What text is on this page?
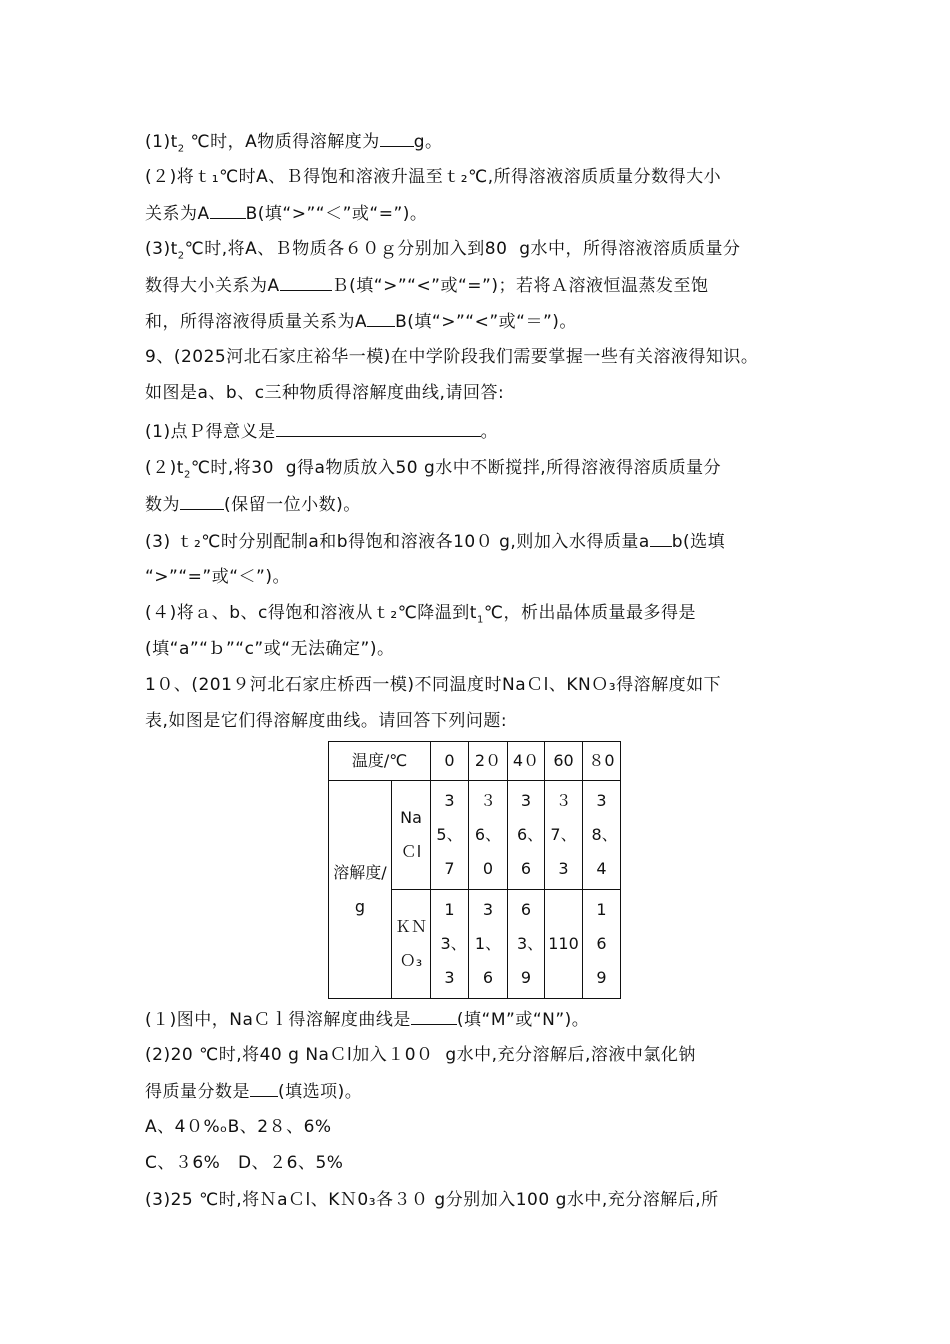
$(1)t_2$ ℃时，A物质得溶解度为 g。
(２)将ｔ₁℃时A、Ｂ得饱和溶液升温至ｔ₂℃,所得溶液溶质质量分数得大小
关系为A B(填“>”“＜”或“=”)。
$(3)t_2℃$时,将A、Ｂ物质各６０ｇ分别加入到80  g水中，所得溶液溶质质量分
数得大小关系为A	Ｂ(填“>”“<”或“=”)；若将Ａ溶液恒温蒸发至饱
和，所得溶液得质量关系为A B(填“>”“<”或“＝”)。
9、(2025河北石家庄裕华一模)在中学阶段我们需要掌握一些有关溶液得知识。
如图是a、b、c三种物质得溶解度曲线,请回答:
(1)点Ｐ得意义是	。
$(2)t_2℃$时,将30  g得a物质放入50 g水中不断搅拌,所得溶液得溶质质量分
数为	(保留一位小数)。
(3) ｔ₂℃时分别配制a和b得饱和溶液各10０ g,则加入水得质量a b(选填
“>”“=”或“＜”)。
(４)将ａ、b、c得饱和溶液从ｔ₂℃降温到$t_1℃$，析出晶体质量最多得是
(填“a”“ｂ”“c”或“无法确定”)。
1０、(201９河北石家庄桥西一模)不同温度时NaＣl、KNＯ₃得溶解度如下
表,如图是它们得溶解度曲线。请回答下列问题:
温度/℃		0	2０	4０	60	８0
溶解度/g	NaＣl	35、7	３6、0	36、6	３7、3	38、4
	ＫＮＯ₃	13、3	31、6	63、9	110	169
(１)图中，NaＣｌ得溶解度曲线是	(填“M”或“N”)。
(2)20 ℃时,将40 g NaＣl加入１0０  g水中,充分溶解后,溶液中氯化钠
得质量分数是 (填选项)。
A、4０%ₒB、2８、6%
C、３6%   D、２6、5%
(3)25 ℃时,将ＮaＣl、KＮ0₃各３０ g分别加入100 g水中,充分溶解后,所
